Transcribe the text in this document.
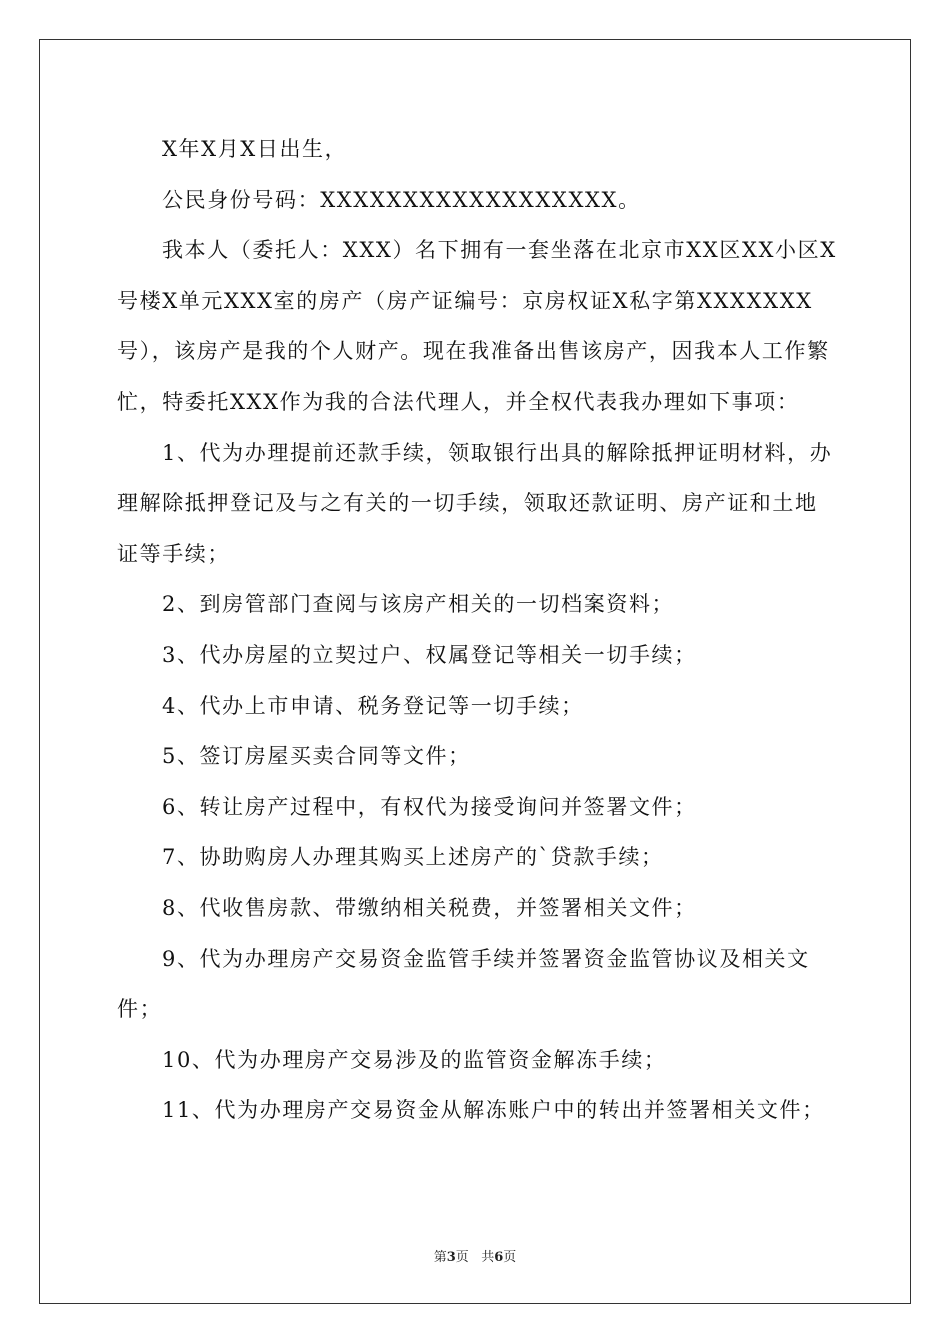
X年X月X日出生，

公民身份号码：XXXXXXXXXXXXXXXXXX。

我本人（委托人：XXX）名下拥有一套坐落在北京市XX区XX小区X号楼X单元XXX室的房产（房产证编号：京房权证X私字第XXXXXXX号），该房产是我的个人财产。现在我准备出售该房产，因我本人工作繁忙，特委托XXX作为我的合法代理人，并全权代表我办理如下事项：

1、代为办理提前还款手续，领取银行出具的解除抵押证明材料，办理解除抵押登记及与之有关的一切手续，领取还款证明、房产证和土地证等手续；

2、到房管部门查阅与该房产相关的一切档案资料；

3、代办房屋的立契过户、权属登记等相关一切手续；

4、代办上市申请、税务登记等一切手续；

5、签订房屋买卖合同等文件；

6、转让房产过程中，有权代为接受询问并签署文件；

7、协助购房人办理其购买上述房产的`贷款手续；

8、代收售房款、带缴纳相关税费，并签署相关文件；

9、代为办理房产交易资金监管手续并签署资金监管协议及相关文件；

10、代为办理房产交易涉及的监管资金解冻手续；

11、代为办理房产交易资金从解冻账户中的转出并签署相关文件；

第3页 共6页
